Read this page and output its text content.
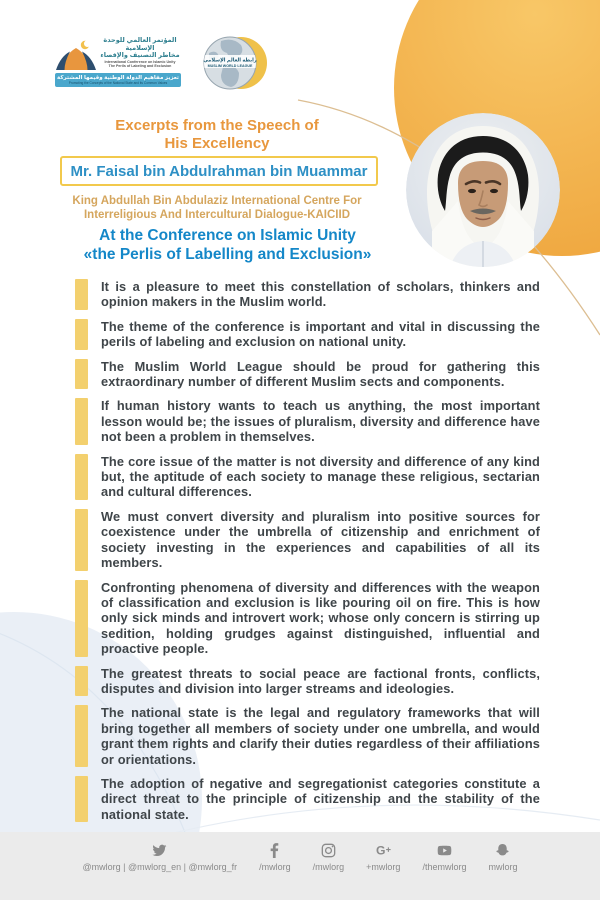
المؤتمر العالمي للوحدة الإسلامية
مخاطر التصنيف والإقصاء
International Conference on Islamic Unity
The Perils of Labeling and Exclusion
تعزيز مفاهيم الدولة الوطنية وقيمها المشتركة
Promoting the Concepts of the National State and its Common Values
رابطة العالم الإسلامي
MUSLIM WORLD LEAGUE
Excerpts from the Speech of
His Excellency
Mr. Faisal bin Abdulrahman bin Muammar
King Abdullah Bin Abdulaziz International Centre For
Interreligious And Intercultural Dialogue-KAICIID
At the Conference on Islamic Unity
«the Perlis of Labelling and Exclusion»

It is a pleasure to meet this constellation of scholars, thinkers and opinion makers in the Muslim world.

The theme of the conference is important and vital in discussing the perils of labeling and exclusion on national unity.

The Muslim World League should be proud for gathering this extraordinary number of different Muslim sects and components.

If human history wants to teach us anything, the most important lesson would be; the issues of pluralism, diversity and difference have not been a problem in themselves.

The core issue of the matter is not diversity and difference of any kind but, the aptitude of each society to manage these religious, sectarian and cultural differences.

We must convert diversity and pluralism into positive sources for coexistence under the umbrella of citizenship and enrichment of society investing in the experiences and capabilities of all its members.

Confronting phenomena of diversity and differences with the weapon of classification and exclusion is like pouring oil on fire. This is how only sick minds and introvert work; whose only concern is stirring up sedition, holding grudges against distinguished, influential and proactive people.

The greatest threats to social peace are factional fronts, conflicts, disputes and division into larger streams and ideologies.

The national state is the legal and regulatory frameworks that will bring together all members of society under one umbrella, and would grant them rights and clarify their duties regardless of their affiliations or orientations.

The adoption of negative and segregationist categories constitute a direct threat to the principle of citizenship and the stability of the national state.

@mwlorg | @mwlorg_en | @mwlorg_fr /mwlorg /mwlorg
G
+mwlorg /themwlorg mwlorg
